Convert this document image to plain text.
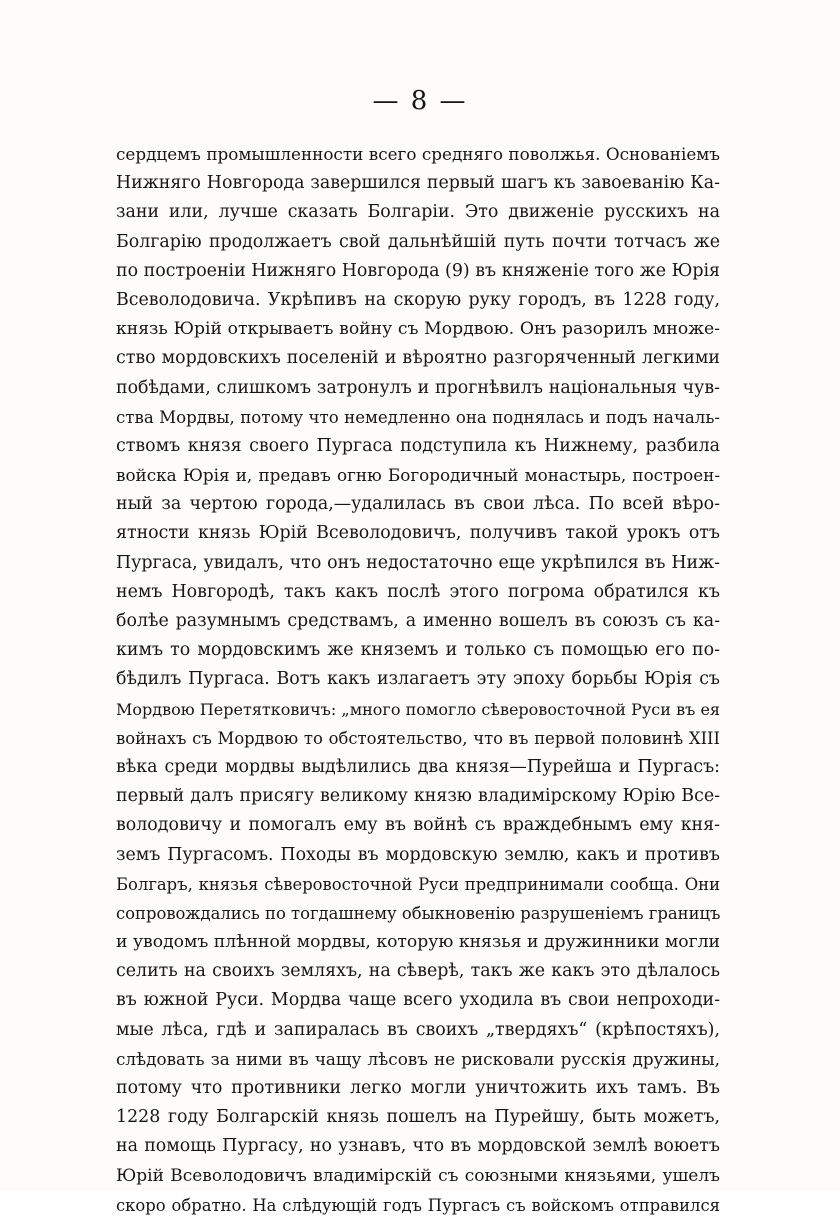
— 8 —
сердцемъ промышленности всего средняго поволжья. Основаніемъ
Нижняго Новгорода завершился первый шагъ къ завоеванію Ка-
зани или, лучше сказать Болгаріи. Это движеніе русскихъ на
Болгарію продолжаетъ свой дальнѣйшій путь почти тотчасъ же
по построеніи Нижняго Новгорода (9) въ княженіе того же Юрія
Всеволодовича. Укрѣпивъ на скорую руку городъ, въ 1228 году,
князь Юрій открываетъ войну съ Мордвою. Онъ разорилъ множе-
ство мордовскихъ поселеній и вѣроятно разгоряченный легкими
побѣдами, слишкомъ затронулъ и прогнѣвилъ національныя чув-
ства Мордвы, потому что немедленно она поднялась и подъ началь-
ствомъ князя своего Пургаса подступила къ Нижнему, разбила
войска Юрія и, предавъ огню Богородичный монастырь, построен-
ный за чертою города,—удалилась въ свои лѣса. По всей вѣро-
ятности князь Юрій Всеволодовичъ, получивъ такой урокъ отъ
Пургаса, увидалъ, что онъ недостаточно еще укрѣпился въ Ниж-
немъ Новгородѣ, такъ какъ послѣ этого погрома обратился къ
болѣе разумнымъ средствамъ, а именно вошелъ въ союзъ съ ка-
кимъ то мордовскимъ же княземъ и только съ помощью его по-
бѣдилъ Пургаса. Вотъ какъ излагаетъ эту эпоху борьбы Юрія съ
Мордвою Перетятковичъ: „много помогло сѣверовосточной Руси въ ея
войнахъ съ Мордвою то обстоятельство, что въ первой половинѣ XIII
вѣка среди мордвы выдѣлились два князя—Пурейша и Пургасъ:
первый далъ присягу великому князю владимірскому Юрію Все-
володовичу и помогалъ ему въ войнѣ съ враждебнымъ ему кня-
земъ Пургасомъ. Походы въ мордовскую землю, какъ и противъ
Болгаръ, князья сѣверовосточной Руси предпринимали сообща. Они
сопровождались по тогдашнему обыкновенію разрушеніемъ границъ
и уводомъ плѣнной мордвы, которую князья и дружинники могли
селить на своихъ земляхъ, на сѣверѣ, такъ же какъ это дѣлалось
въ южной Руси. Мордва чаще всего уходила въ свои непроходи-
мые лѣса, гдѣ и запиралась въ своихъ „твердяхъ“ (крѣпостяхъ),
слѣдовать за ними въ чащу лѣсовъ не рисковали русскія дружины,
потому что противники легко могли уничтожить ихъ тамъ. Въ
1228 году Болгарскій князь пошелъ на Пурейшу, быть можетъ,
на помощь Пургасу, но узнавъ, что въ мордовской землѣ воюетъ
Юрій Всеволодовичъ владимірскій съ союзными князьями, ушелъ
скоро обратно. На слѣдующій годъ Пургасъ съ войскомъ отправился
